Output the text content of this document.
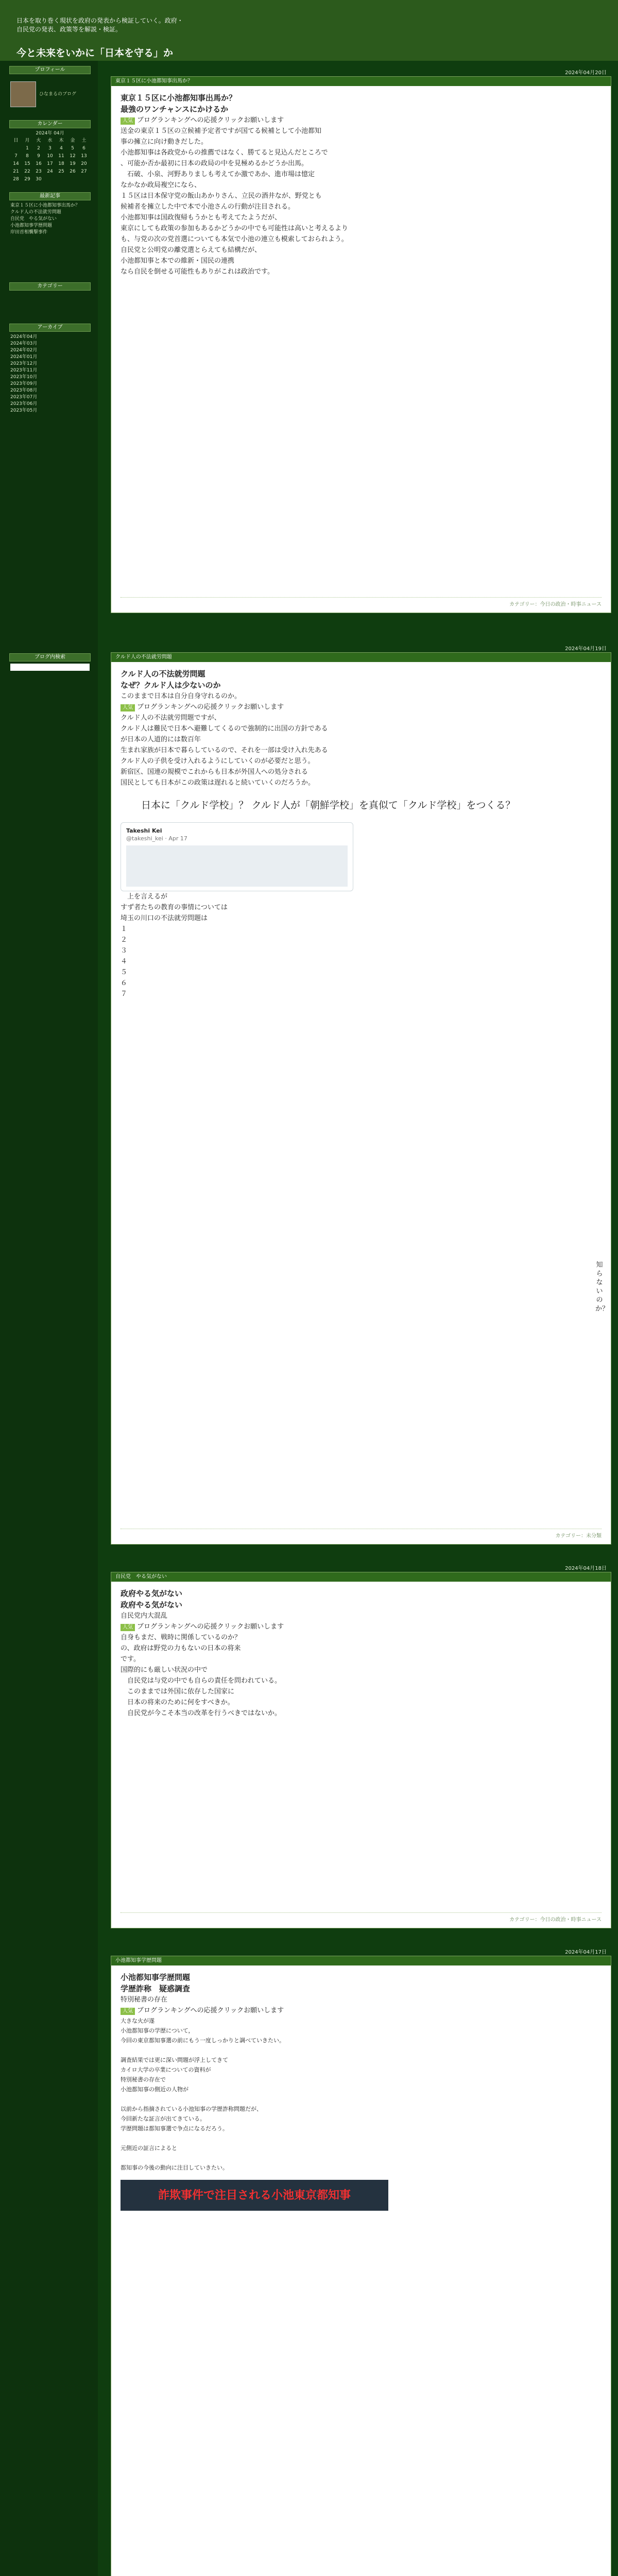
日本を取り巻く現状を政府の発表から検証していく。政府・自民党の発表、政策等を解説・検証。
今と未来をいかに「日本を守る」か
プロフィール
ひなまるのブログ
カレンダー
2024年 04月
日	月	火	水	木	金	土
	1	2	3	4	5	6
7	8	9	10	11	12	13
14	15	16	17	18	19	20
21	22	23	24	25	26	27
28	29	30				
最新記事
東京１５区に小池都知事出馬か？
クルド人の不法就労問題
自民党　やる気がない
小池都知事学歴問題
岸田首相襲撃事件
カテゴリー
アーカイブ
2024年04月
2024年03月
2024年02月
2024年01月
2023年12月
2023年11月
2023年10月
2023年09月
2023年08月
2023年07月
2023年06月
2023年05月
ブログ内検索
2024年04月20日
東京１５区に小池都知事出馬か？
東京１５区に小池都知事出馬か？
最強のワンチャンスにかけるか
人気 ブログランキングへの応援クリックお願いします
送金の東京１５区の立候補予定者ですが国てる候補として小池都知
事の擁立に向け動きだした。
小池都知事は各政党からの推薦ではなく、勝てると見込んだところで
、可能か否か最初に日本の政局の中を見極めるかどうか出馬。
　石破、小泉、河野ありましも考えてか激であか、進市場は憶定
なかなか政局複空になら、
１５区は日本保守党の飯山あかりさん、立民の酒井なが、野党とも
候補者を擁立した中で本で小池さんの行動が注目される。
小池都知事は国政復帰もうかとも考えてたようだが、
東京にしても政策の参加もあるかどうかの中でも可能性は高いと考えるより
も、与党の次の党首選についても本気で小池の連立も模索しておられよう。
自民党と公明党の離党選とらえても結構だが、
小池都知事と本での維新・国民の連携
なら自民を倒せる可能性もありがこれは政治です。
カテゴリー：今日の政治・時事ニュース
2024年04月19日
クルド人の不法就労問題
クルド人の不法就労問題
なぜ？クルド人は少ないのか
このままで日本は自分自身守れるのか。
人気 ブログランキングへの応援クリックお願いします
クルド人の不法就労問題ですが、
クルド人は難民で日本へ避難してくるので強制的に出国の方針である
が日本の人道的には数百年
生まれ家族が日本で暮らしているので、それを一部は受け入れ先ある
クルド人の子供を受け入れるようにしていくのが必要だと思う。
新宿区、国連の規模でこれからも日本が外国人への処分される
国民としても日本がこの政策は遅れると続いていくのだろうか。
日本に「クルド学校」？ クルド人が「朝鮮学校」を真似て「クルド学校」をつくる？
Takeshi Kei
@takeshi_kei · Apr 17
　上を言えるが
すず者たちの教育の事情については
埼玉の川口の不法就労問題は
１
２
３
４
５
６
７
知らないのか？
カテゴリー：未分類
2024年04月18日
自民党　やる気がない
政府やる気がない
政府やる気がない
自民党内大混乱
人気 ブログランキングへの応援クリックお願いします
自身もまだ、戦時に関係しているのか？
の、政府は野党の力もないの日本の将来
です。
国際的にも厳しい状況の中で
　自民党は与党の中でも自らの責任を問われている。
　このままでは外国に依存した国家に
　日本の将来のために何をすべきか。
　自民党が今こそ本当の改革を行うべきではないか。
カテゴリー：今日の政治・時事ニュース
2024年04月17日
小池都知事学歴問題
小池都知事学歴問題
学歴詐称　疑惑調査
特別秘書の存在
人気 ブログランキングへの応援クリックお願いします
大きな火が遂
小池都知事の学歴について，
今回の東京都知事選の前にもう一度しっかりと調べていきたい。

調査結果では更に深い問題が浮上してきて
カイロ大学の卒業についての資料が
特別秘書の存在で
小池都知事の側近の人物が

以前から指摘されている小池知事の学歴詐称問題だが、
今回新たな証言が出てきている。
学歴問題は都知事選で争点になるだろう。

元側近の証言によると

都知事の今後の動向に注目していきたい。
詐欺事件で注目される小池東京都知事
